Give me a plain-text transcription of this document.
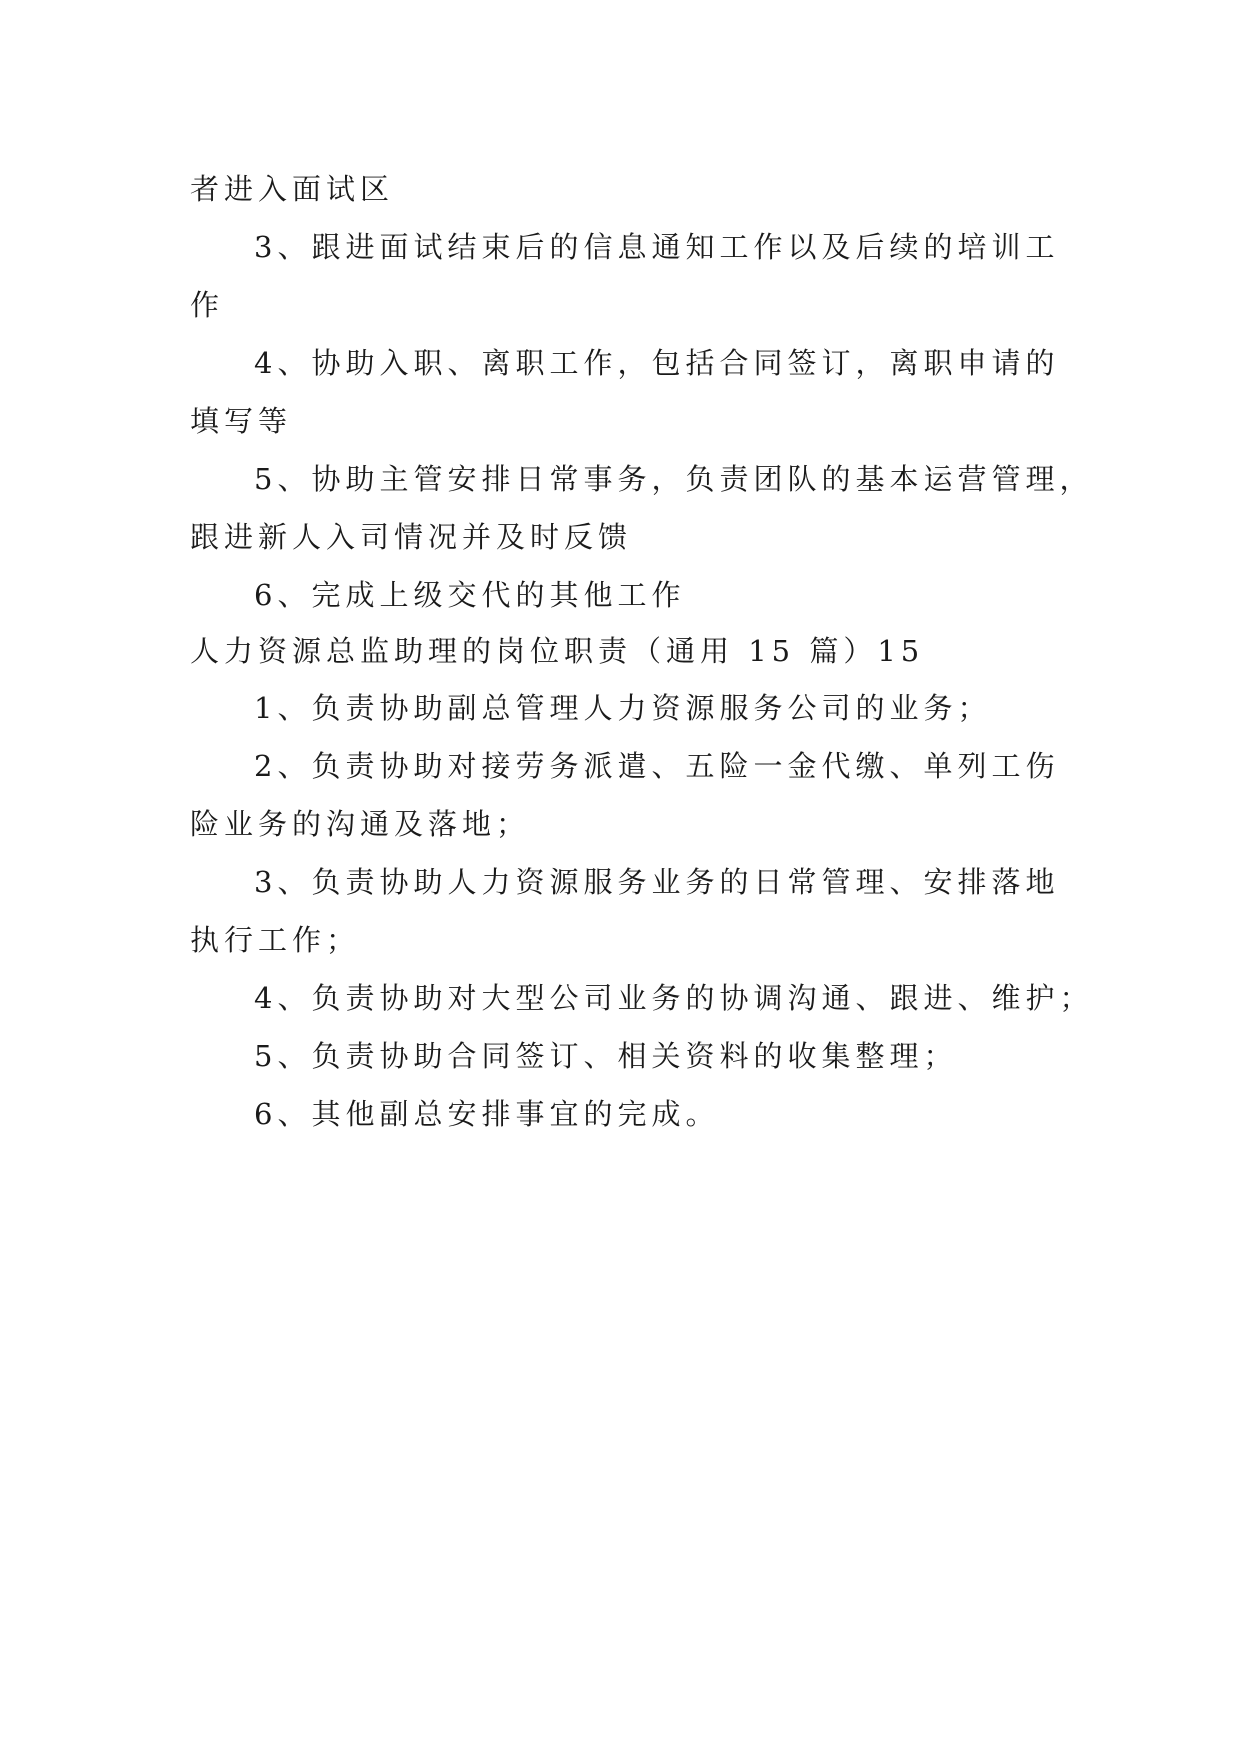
者进入面试区
3、跟进面试结束后的信息通知工作以及后续的培训工
作
4、协助入职、离职工作，包括合同签订，离职申请的
填写等
5、协助主管安排日常事务，负责团队的基本运营管理，
跟进新人入司情况并及时反馈
6、完成上级交代的其他工作
人力资源总监助理的岗位职责（通用 15 篇）15
1、负责协助副总管理人力资源服务公司的业务；
2、负责协助对接劳务派遣、五险一金代缴、单列工伤
险业务的沟通及落地；
3、负责协助人力资源服务业务的日常管理、安排落地
执行工作；
4、负责协助对大型公司业务的协调沟通、跟进、维护；
5、负责协助合同签订、相关资料的收集整理；
6、其他副总安排事宜的完成。
